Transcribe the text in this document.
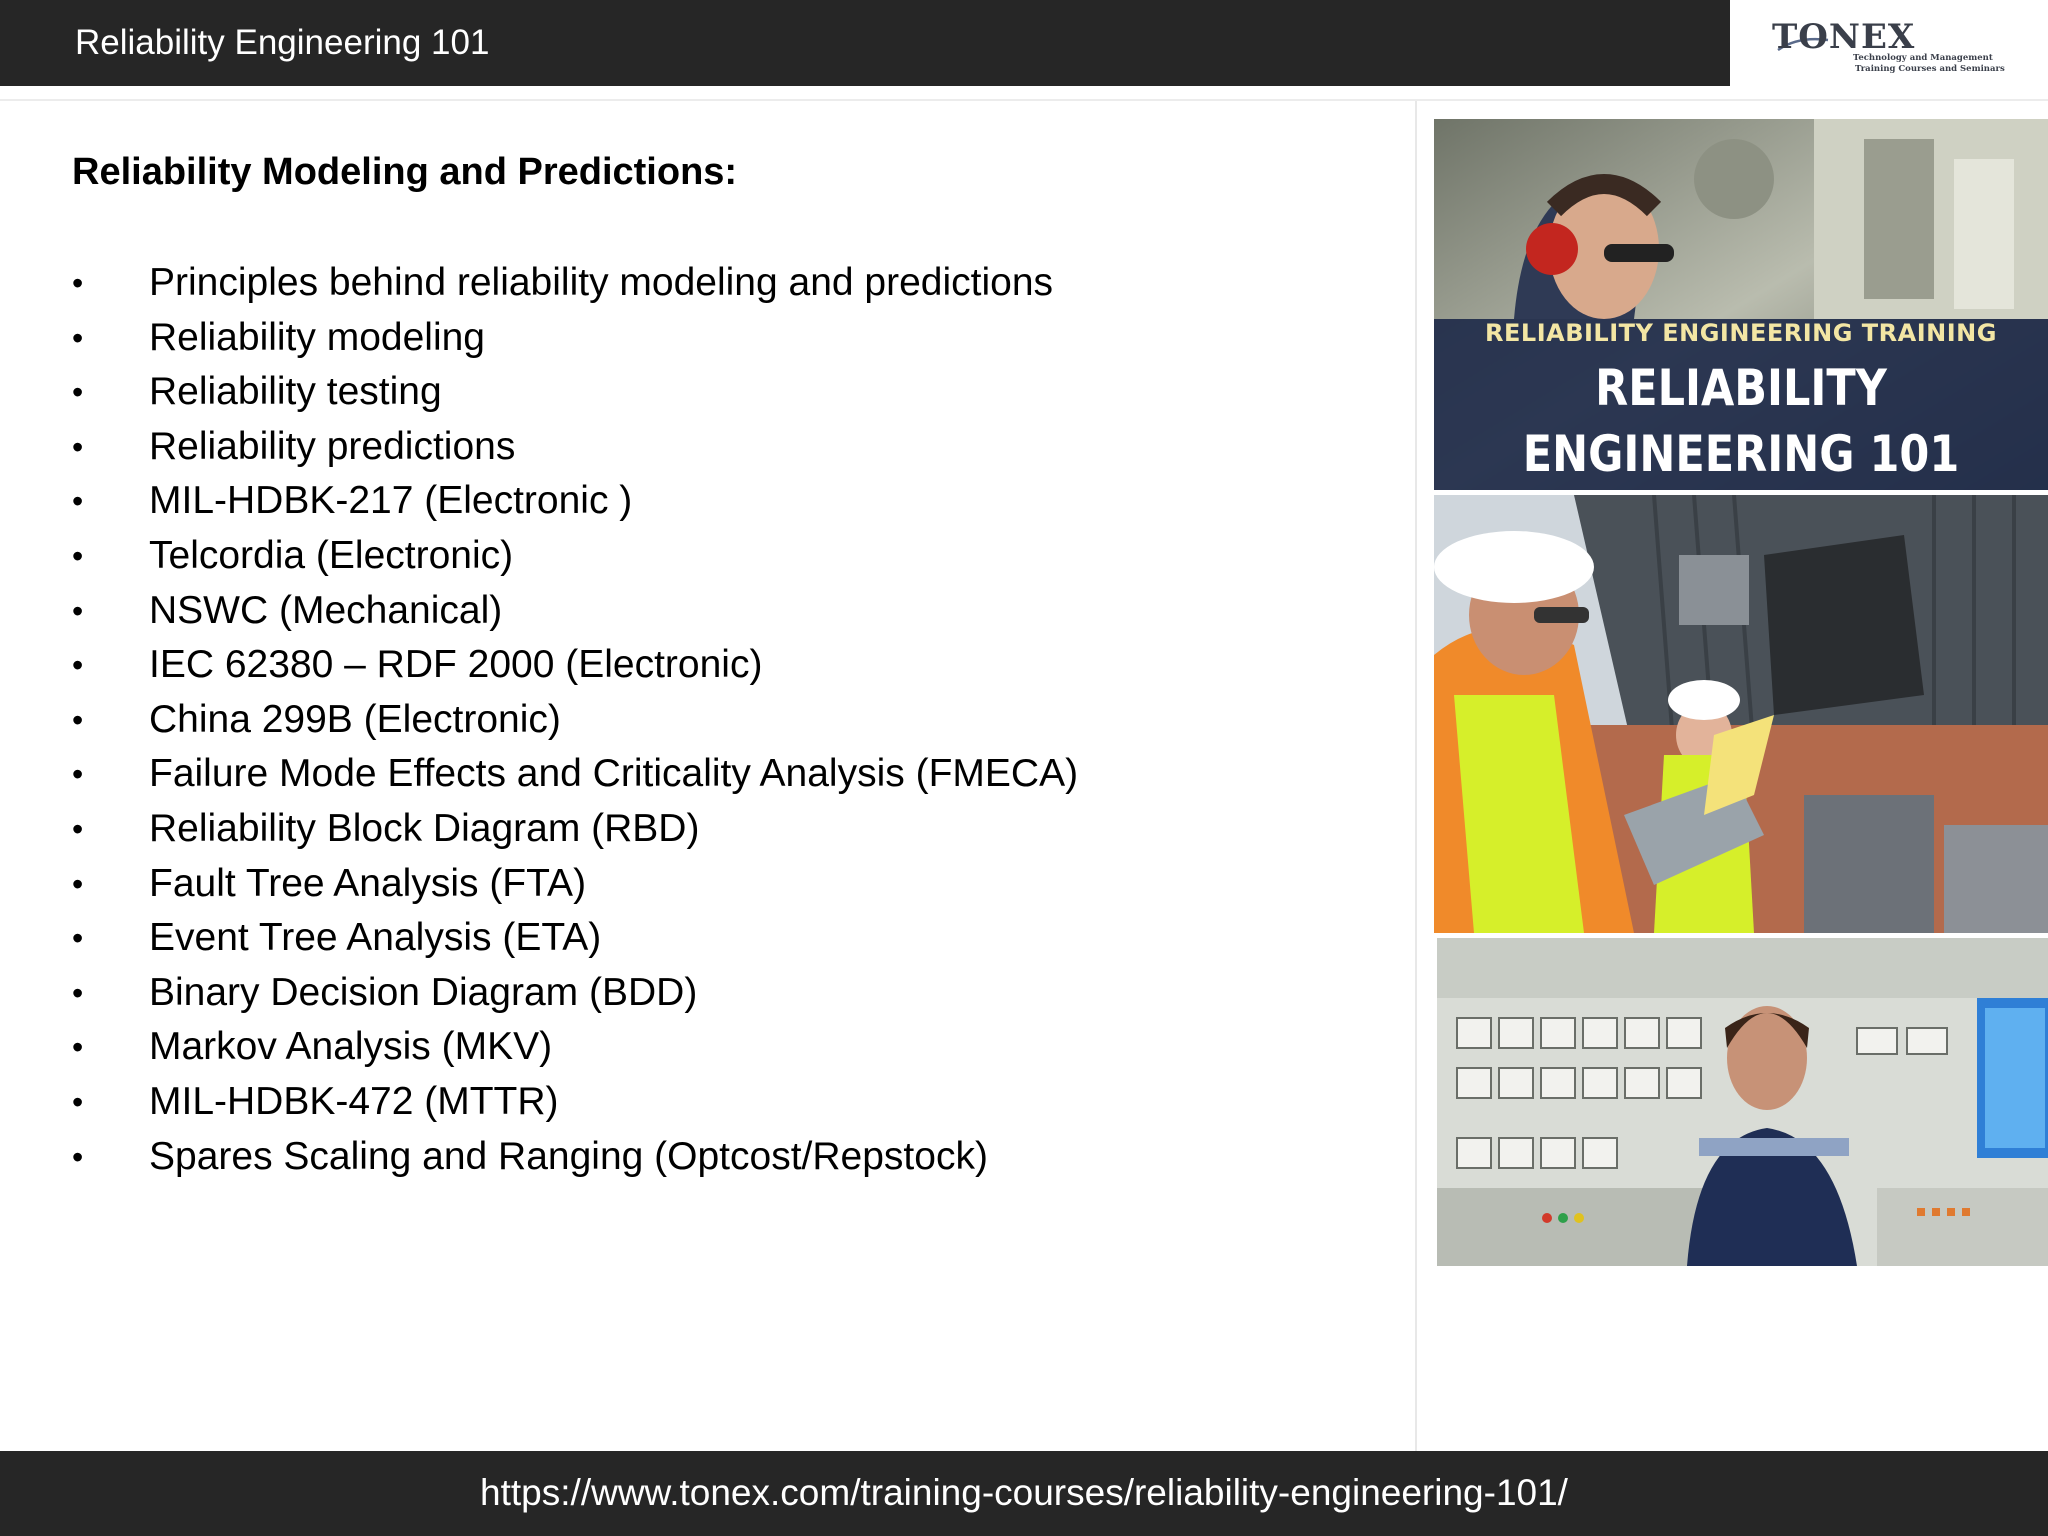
Reliability Engineering 101	TONEX
Technology and Management
Training Courses and Seminars
Reliability Modeling and Predictions:
• Principles behind reliability modeling and predictions
• Reliability modeling
• Reliability testing
• Reliability predictions
• MIL-HDBK-217 (Electronic )
• Telcordia (Electronic)
• NSWC (Mechanical)
• IEC 62380 – RDF 2000 (Electronic)
• China 299B (Electronic)
• Failure Mode Effects and Criticality Analysis (FMECA)
• Reliability Block Diagram (RBD)
• Fault Tree Analysis (FTA)
• Event Tree Analysis (ETA)
• Binary Decision Diagram (BDD)
• Markov Analysis (MKV)
• MIL-HDBK-472 (MTTR)
• Spares Scaling and Ranging (Optcost/Repstock)
RELIABILITY ENGINEERING TRAINING
RELIABILITY
ENGINEERING 101
https://www.tonex.com/training-courses/reliability-engineering-101/
